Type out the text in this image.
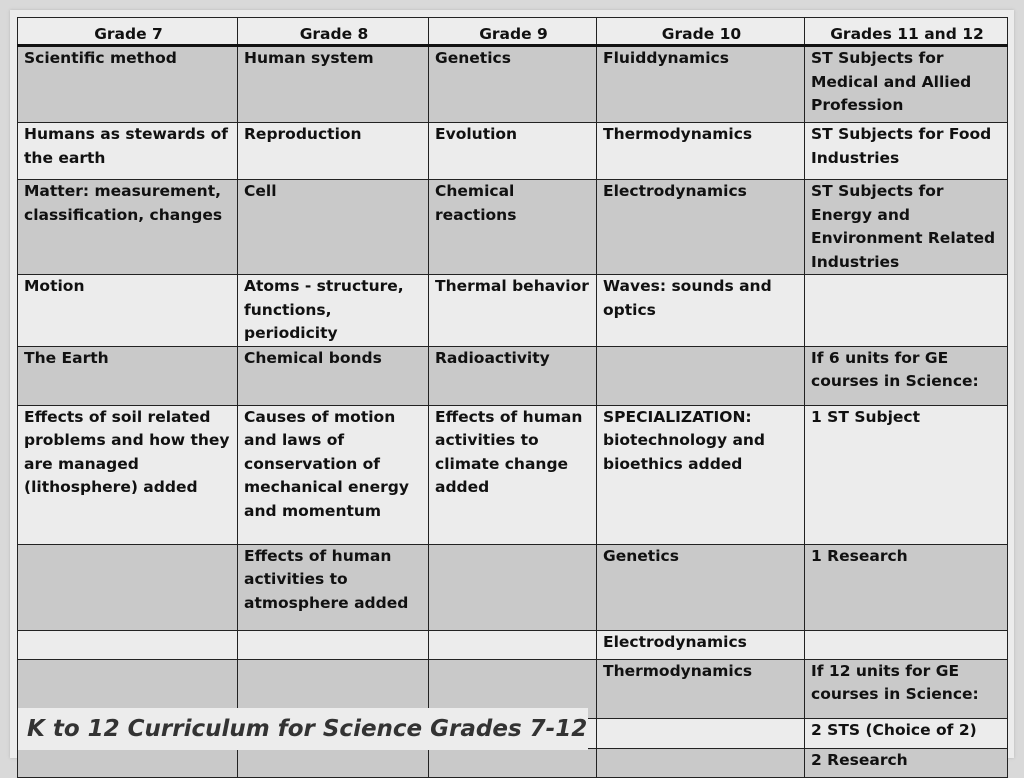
Grade 7	Grade 8	Grade 9	Grade 10	Grades 11 and 12
Scientific method	Human system	Genetics	Fluiddynamics	ST Subjects for Medical and Allied Profession
Humans as stewards of the earth	Reproduction	Evolution	Thermodynamics	ST Subjects for Food Industries
Matter: measurement, classification, changes	Cell	Chemical reactions	Electrodynamics	ST Subjects for Energy and Environment Related Industries
Motion	Atoms - structure, functions, periodicity	Thermal behavior	Waves: sounds and optics	
The Earth	Chemical bonds	Radioactivity		If 6 units for GE courses in Science:
Effects of soil related problems and how they are managed (lithosphere) added	Causes of motion and laws of conservation of mechanical energy and momentum	Effects of human activities to climate change added	SPECIALIZATION: biotechnology and bioethics added	1 ST Subject
	Effects of human activities to atmosphere added		Genetics	1 Research
			Electrodynamics	
			Thermodynamics	If 12 units for GE courses in Science:
				2 STS (Choice of 2)
				2 Research
K to 12 Curriculum for Science Grades 7-12
